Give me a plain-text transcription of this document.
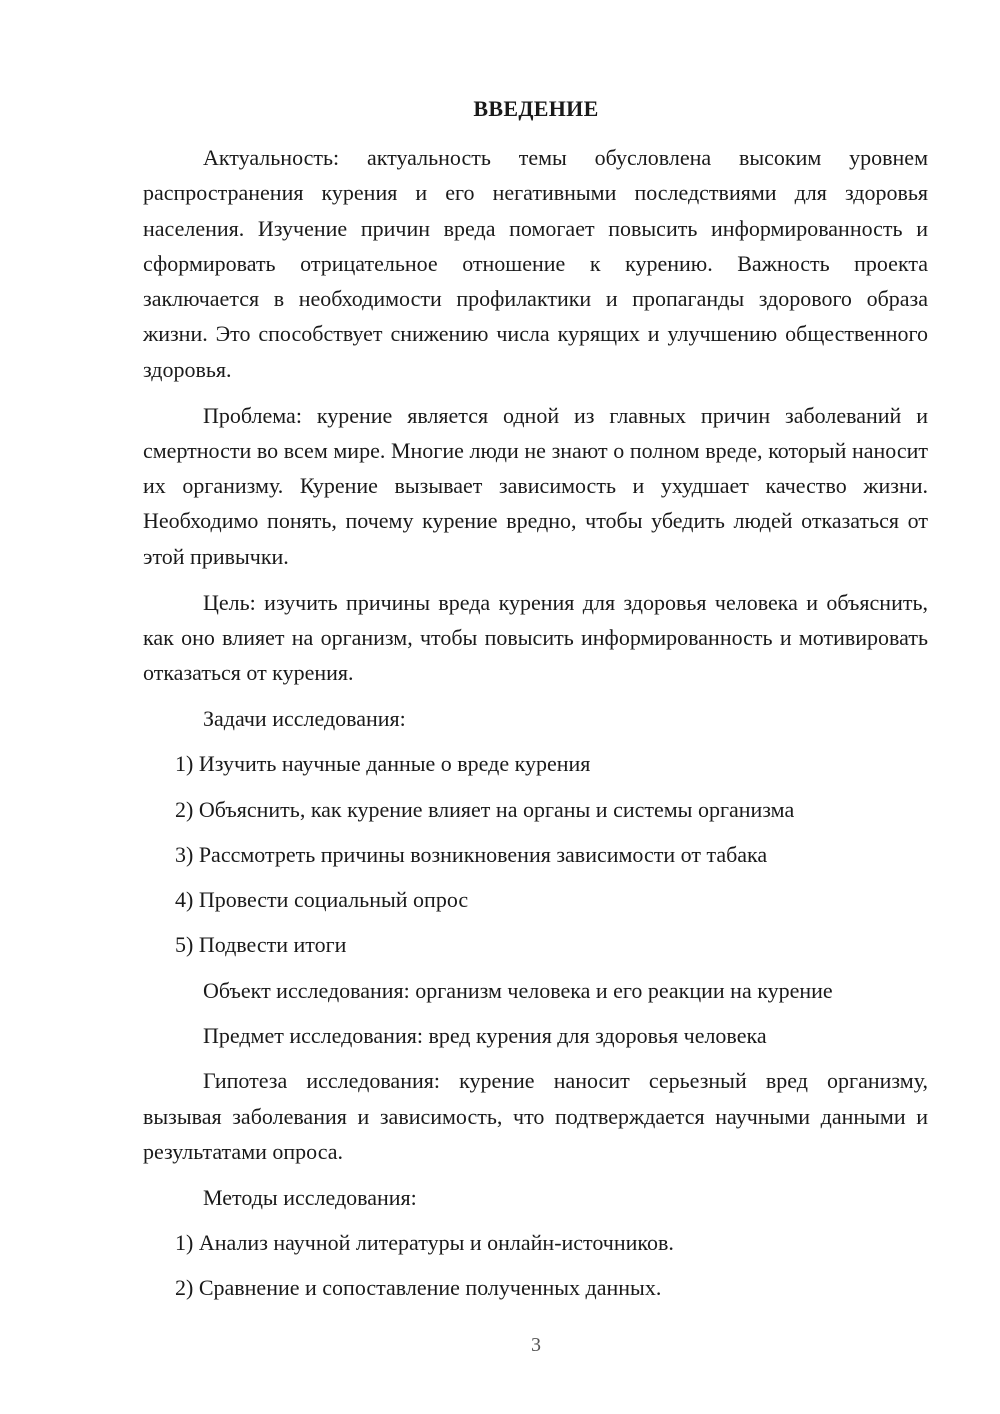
ВВЕДЕНИЕ

Актуальность: актуальность темы обусловлена высоким уровнем распространения курения и его негативными последствиями для здоровья населения. Изучение причин вреда помогает повысить информированность и сформировать отрицательное отношение к курению. Важность проекта заключается в необходимости профилактики и пропаганды здорового образа жизни. Это способствует снижению числа курящих и улучшению общественного здоровья.

Проблема: курение является одной из главных причин заболеваний и смертности во всем мире. Многие люди не знают о полном вреде, который наносит их организму. Курение вызывает зависимость и ухудшает качество жизни. Необходимо понять, почему курение вредно, чтобы убедить людей отказаться от этой привычки.

Цель: изучить причины вреда курения для здоровья человека и объяснить, как оно влияет на организм, чтобы повысить информированность и мотивировать отказаться от курения.

Задачи исследования:

1) Изучить научные данные о вреде курения

2) Объяснить, как курение влияет на органы и системы организма

3) Рассмотреть причины возникновения зависимости от табака

4) Провести социальный опрос

5) Подвести итоги

Объект исследования: организм человека и его реакции на курение

Предмет исследования: вред курения для здоровья человека

Гипотеза исследования: курение наносит серьезный вред организму, вызывая заболевания и зависимость, что подтверждается научными данными и результатами опроса.

Методы исследования:

1) Анализ научной литературы и онлайн-источников.

2) Сравнение и сопоставление полученных данных.

3
